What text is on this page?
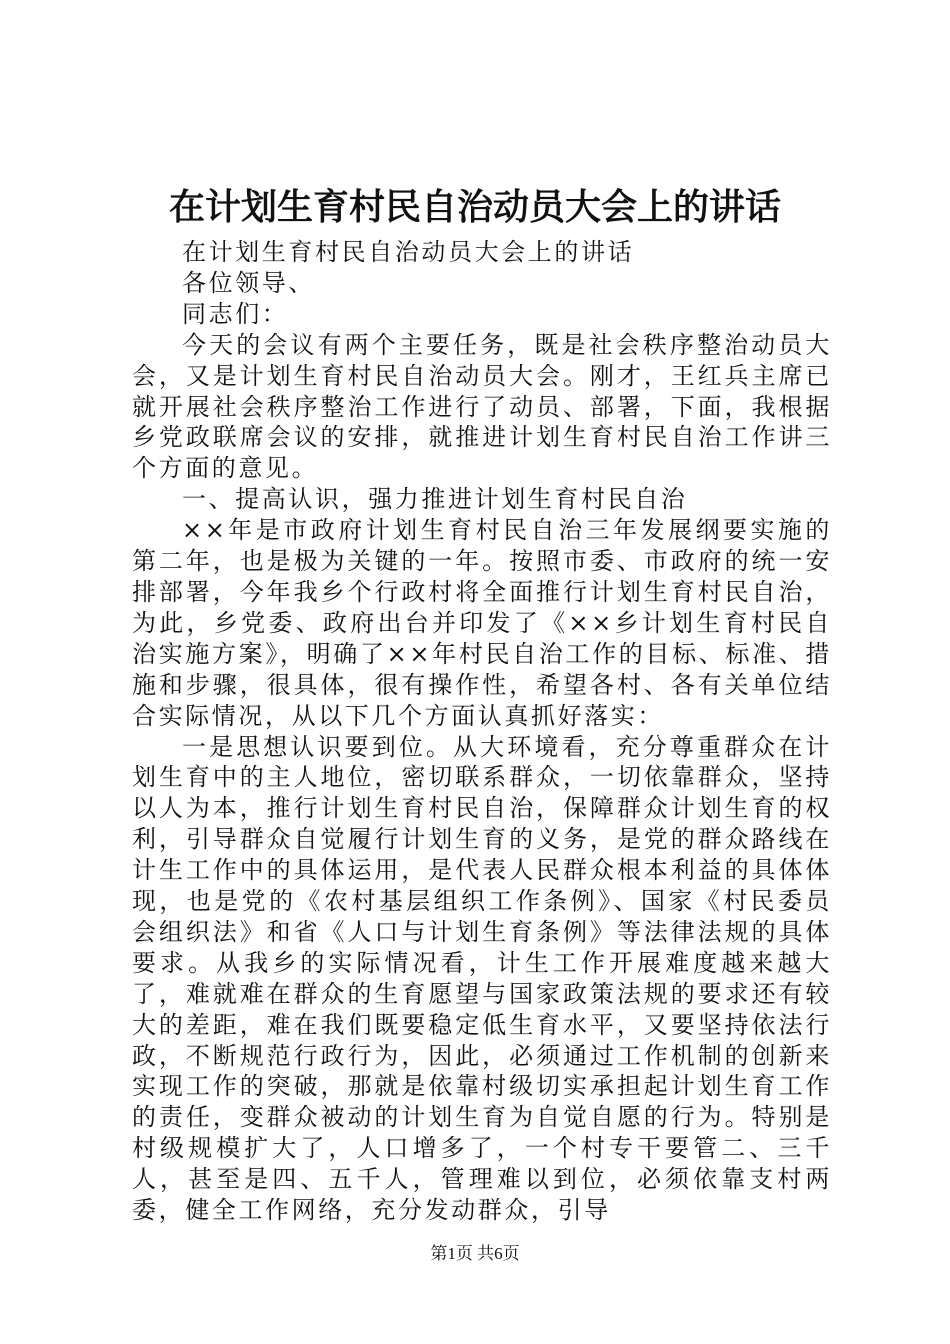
在计划生育村民自治动员大会上的讲话

在计划生育村民自治动员大会上的讲话

各位领导、

同志们：

今天的会议有两个主要任务，既是社会秩序整治动员大会，又是计划生育村民自治动员大会。刚才，王红兵主席已就开展社会秩序整治工作进行了动员、部署，下面，我根据乡党政联席会议的安排，就推进计划生育村民自治工作讲三个方面的意见。

一、提高认识，强力推进计划生育村民自治

××年是市政府计划生育村民自治三年发展纲要实施的第二年，也是极为关键的一年。按照市委、市政府的统一安排部署，今年我乡个行政村将全面推行计划生育村民自治，为此，乡党委、政府出台并印发了《××乡计划生育村民自治实施方案》，明确了××年村民自治工作的目标、标准、措施和步骤，很具体，很有操作性，希望各村、各有关单位结合实际情况，从以下几个方面认真抓好落实：

一是思想认识要到位。从大环境看，充分尊重群众在计划生育中的主人地位，密切联系群众，一切依靠群众，坚持以人为本，推行计划生育村民自治，保障群众计划生育的权利，引导群众自觉履行计划生育的义务，是党的群众路线在计生工作中的具体运用，是代表人民群众根本利益的具体体现，也是党的《农村基层组织工作条例》、国家《村民委员会组织法》和省《人口与计划生育条例》等法律法规的具体要求。从我乡的实际情况看，计生工作开展难度越来越大了，难就难在群众的生育愿望与国家政策法规的要求还有较大的差距，难在我们既要稳定低生育水平，又要坚持依法行政，不断规范行政行为，因此，必须通过工作机制的创新来实现工作的突破，那就是依靠村级切实承担起计划生育工作的责任，变群众被动的计划生育为自觉自愿的行为。特别是村级规模扩大了，人口增多了，一个村专干要管二、三千人，甚至是四、五千人，管理难以到位，必须依靠支村两委，健全工作网络，充分发动群众，引导

第1页 共6页
